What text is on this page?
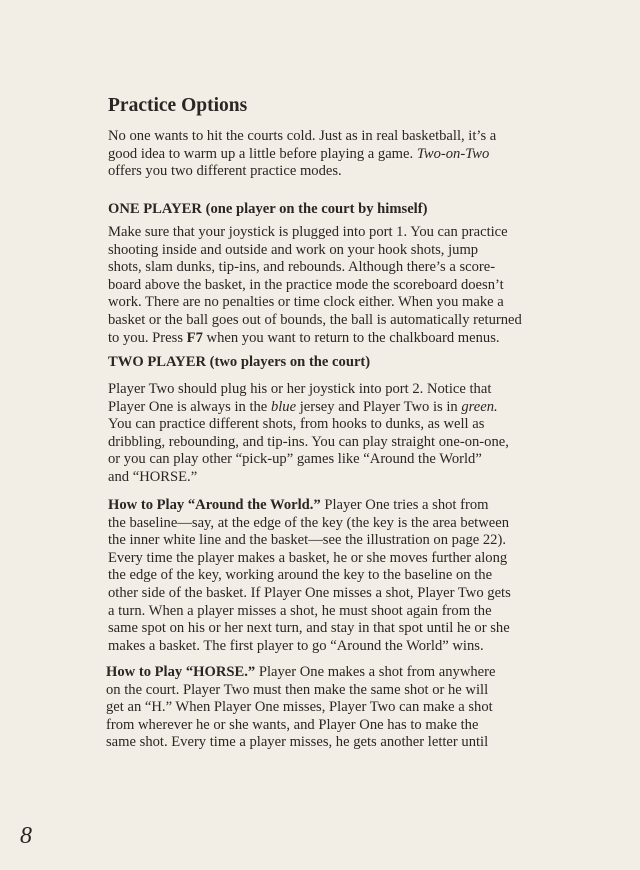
Practice Options
No one wants to hit the courts cold. Just as in real basketball, it’s a
good idea to warm up a little before playing a game. Two-on-Two
offers you two different practice modes.
ONE PLAYER (one player on the court by himself)
Make sure that your joystick is plugged into port 1. You can practice
shooting inside and outside and work on your hook shots, jump
shots, slam dunks, tip-ins, and rebounds. Although there’s a score-
board above the basket, in the practice mode the scoreboard doesn’t
work. There are no penalties or time clock either. When you make a
basket or the ball goes out of bounds, the ball is automatically returned
to you. Press F7 when you want to return to the chalkboard menus.
TWO PLAYER (two players on the court)
Player Two should plug his or her joystick into port 2. Notice that
Player One is always in the blue jersey and Player Two is in green.
You can practice different shots, from hooks to dunks, as well as
dribbling, rebounding, and tip-ins. You can play straight one-on-one,
or you can play other “pick-up” games like “Around the World”
and “HORSE.”
How to Play “Around the World.” Player One tries a shot from
the baseline—say, at the edge of the key (the key is the area between
the inner white line and the basket—see the illustration on page 22).
Every time the player makes a basket, he or she moves further along
the edge of the key, working around the key to the baseline on the
other side of the basket. If Player One misses a shot, Player Two gets
a turn. When a player misses a shot, he must shoot again from the
same spot on his or her next turn, and stay in that spot until he or she
makes a basket. The first player to go “Around the World” wins.
How to Play “HORSE.” Player One makes a shot from anywhere
on the court. Player Two must then make the same shot or he will
get an “H.” When Player One misses, Player Two can make a shot
from wherever he or she wants, and Player One has to make the
same shot. Every time a player misses, he gets another letter until
8
